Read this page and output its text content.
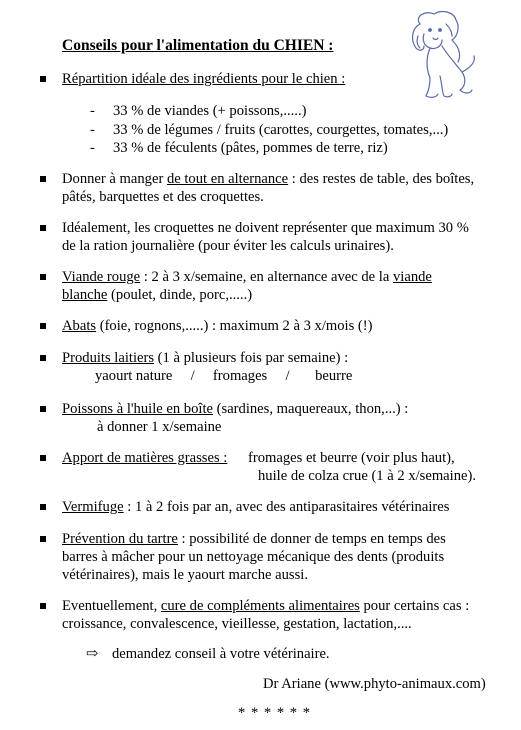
Conseils pour l'alimentation du CHIEN :
Répartition idéale des ingrédients pour le chien :
- 33 % de viandes (+ poissons,.....)
- 33 % de légumes / fruits (carottes, courgettes, tomates,...)
- 33 % de féculents (pâtes, pommes de terre, riz)
Donner à manger de tout en alternance : des restes de table, des boîtes,
pâtés, barquettes et des croquettes.
Idéalement, les croquettes ne doivent représenter que maximum 30 %
de la ration journalière (pour éviter les calculs urinaires).
Viande rouge : 2 à 3 x/semaine, en alternance avec de la viande
blanche (poulet, dinde, porc,.....)
Abats (foie, rognons,.....) : maximum 2 à 3 x/mois (!)
Produits laitiers (1 à plusieurs fois par semaine) :
yaourt nature     /     fromages     /       beurre
Poissons à l'huile en boîte (sardines, maquereaux, thon,...) :
à donner 1 x/semaine
Apport de matières grasses : fromages et beurre (voir plus haut),
huile de colza crue (1 à 2 x/semaine).
Vermifuge : 1 à 2 fois par an, avec des antiparasitaires vétérinaires
Prévention du tartre : possibilité de donner de temps en temps des
barres à mâcher pour un nettoyage mécanique des dents (produits
vétérinaires), mais le yaourt marche aussi.
Eventuellement, cure de compléments alimentaires pour certains cas :
croissance, convalescence, vieillesse, gestation, lactation,....
⇨ demandez conseil à votre vétérinaire.
Dr Ariane (www.phyto-animaux.com)
* * * * * *
